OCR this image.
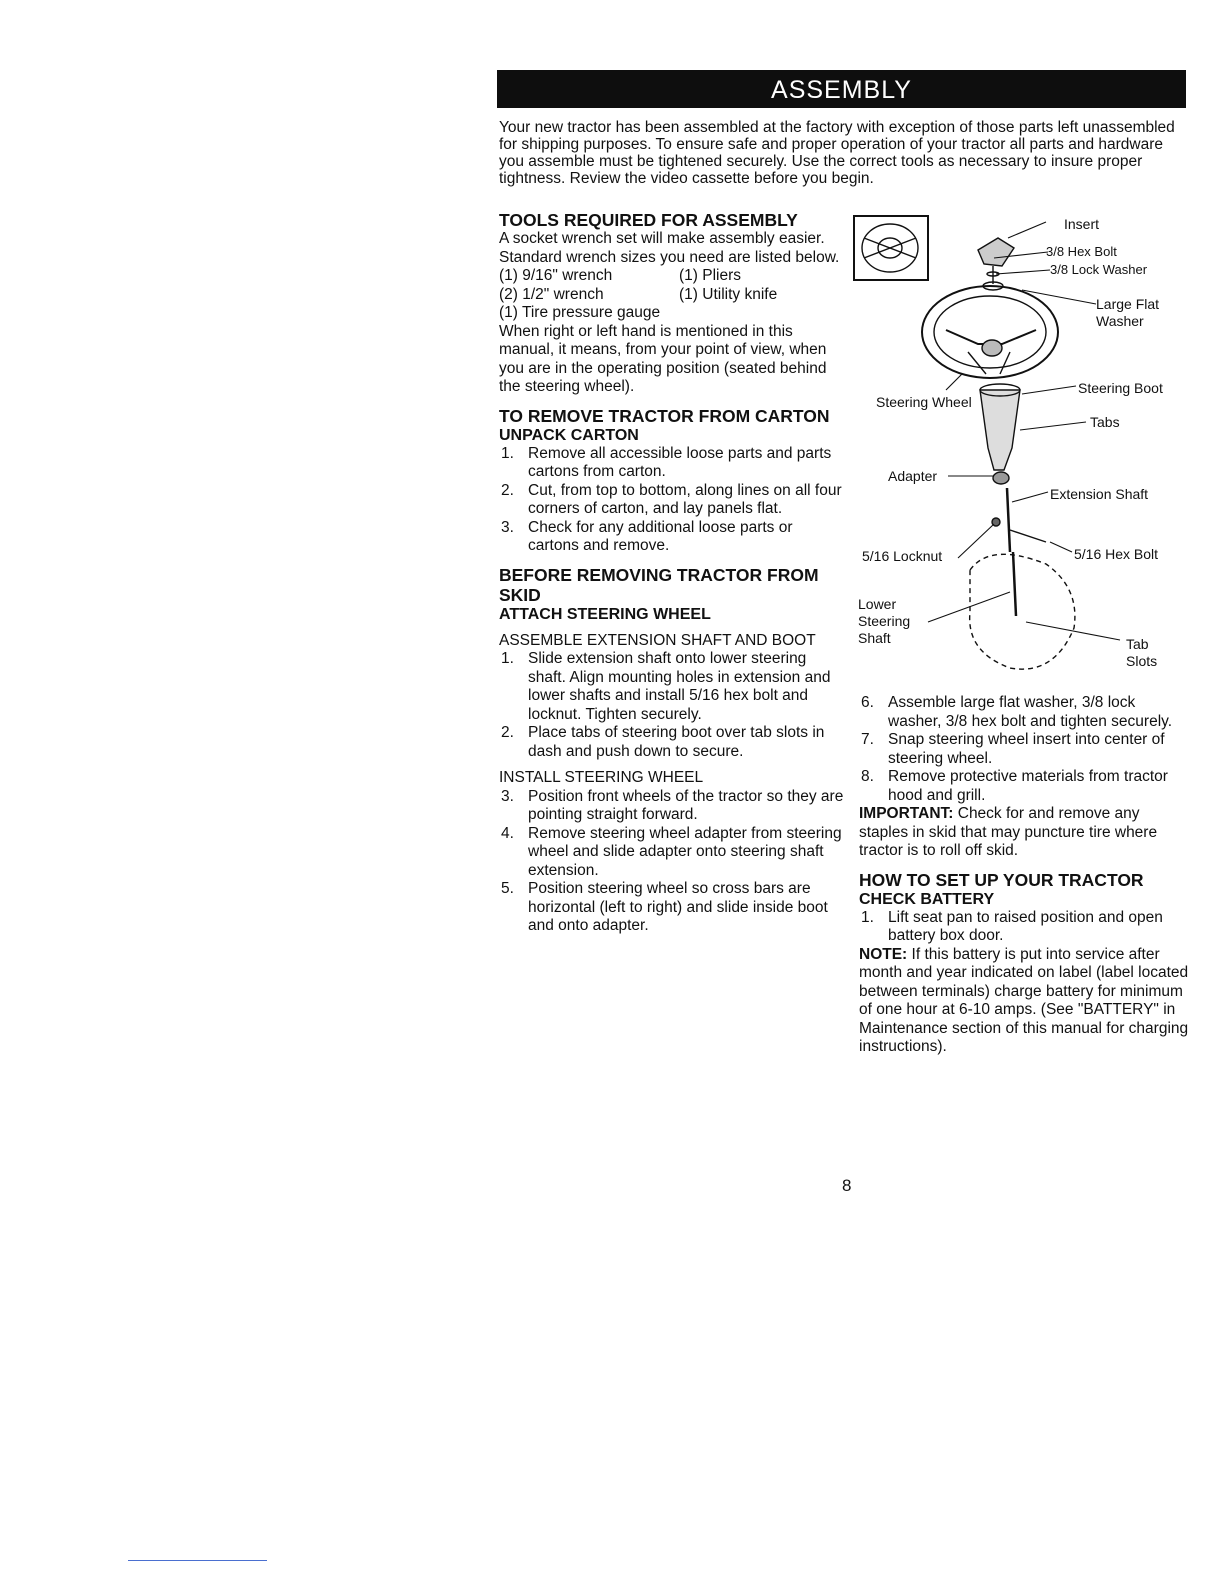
ASSEMBLY

Your new tractor has been assembled at the factory with exception of those parts left unassembled for shipping purposes. To ensure safe and proper operation of your tractor all parts and hardware you assemble must be tightened securely. Use the correct tools as necessary to insure proper tightness. Review the video cassette before you begin.

TOOLS REQUIRED FOR ASSEMBLY

A socket wrench set will make assembly easier. Standard wrench sizes you need are listed below.

(1) 9/16" wrench	(1) Pliers
(2) 1/2" wrench	(1) Utility knife

(1) Tire pressure gauge

When right or left hand is mentioned in this manual, it means, from your point of view, when you are in the operating position (seated behind the steering wheel).

TO REMOVE TRACTOR FROM CARTON
UNPACK CARTON
1. Remove all accessible loose parts and parts cartons from carton.
2. Cut, from top to bottom, along lines on all four corners of carton, and lay panels flat.
3. Check for any additional loose parts or cartons and remove.
BEFORE REMOVING TRACTOR FROM SKID
ATTACH STEERING WHEEL

ASSEMBLE EXTENSION SHAFT AND BOOT

1. Slide extension shaft onto lower steering shaft. Align mounting holes in extension and lower shafts and install 5/16 hex bolt and locknut. Tighten securely.
2. Place tabs of steering boot over tab slots in dash and push down to secure.

INSTALL STEERING WHEEL

3. Position front wheels of the tractor so they are pointing straight forward.
4. Remove steering wheel adapter from steering wheel and slide adapter onto steering shaft extension.
5. Position steering wheel so cross bars are horizontal (left to right) and slide inside boot and onto adapter.
Insert
3/8 Hex Bolt
3/8 Lock Washer
Large Flat
Washer
Steering Wheel
Steering Boot
Tabs
Adapter
Extension Shaft
5/16 Locknut	5/16 Hex Bolt
Lower
Steering
Shaft	Tab
Slots
6. Assemble large flat washer, 3/8 lock washer, 3/8 hex bolt and tighten securely.
7. Snap steering wheel insert into center of steering wheel.
8. Remove protective materials from tractor hood and grill.

IMPORTANT: Check for and remove any staples in skid that may puncture tire where tractor is to roll off skid.

HOW TO SET UP YOUR TRACTOR
CHECK BATTERY
1. Lift seat pan to raised position and open battery box door.

NOTE: If this battery is put into service after month and year indicated on label (label located between terminals) charge battery for minimum of one hour at 6-10 amps. (See "BATTERY" in Maintenance section of this manual for charging instructions).

8
